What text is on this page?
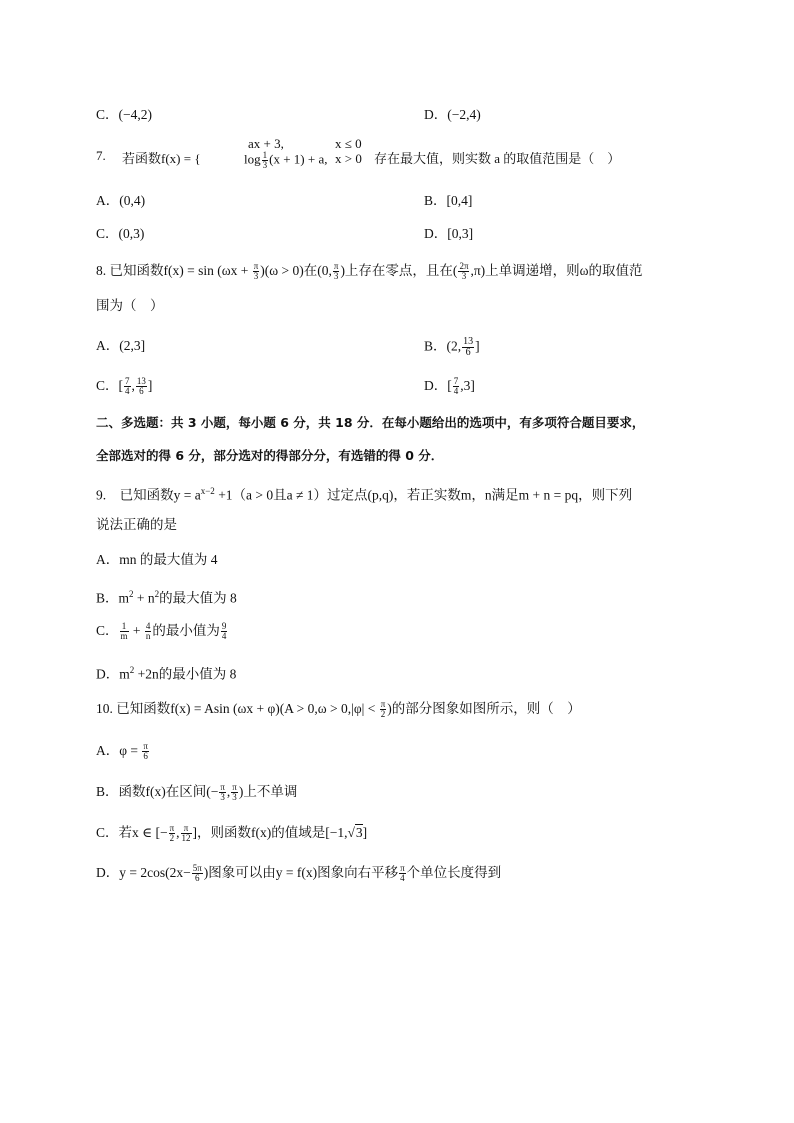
C．(−4,2)	D．(−2,4)
7. 若函数f(x) = {
ax + 3,	x ≤ 0
$\log \frac{1}{3} (x + 1) + a$, x > 0 存在最大值，则实数 a 的取值范围是（　）
A．(0,4)	B．[0,4]
C．(0,3)	D．[0,3]
8. 已知函数$f(x) = \sin (\omega x + \frac{\pi}{3} )(\omega > 0)$在(0, $\frac{\pi}{3}$ )上存在零点，且在( $\frac{2\pi}{3} ,\pi$)上单调递增，则ω的取值范
围为（　）
A．(2,3]	B．(2, $\frac{13}{6}$ ]
C．[ $\frac{7}{4}$ , $\frac{13}{6}$ ]	D．[ $\frac{7}{4} ,3$]
二、多选题：共 3 小题，每小题 6 分，共 18 分．在每小题给出的选项中，有多项符合题目要求，
全部选对的得 6 分，部分选对的得部分分，有选错的得 0 分．
9.　已知函数$y = a^{x-2} +1(a > 0$且a ≠ 1）过定点(p,q)，若正实数m，n满足m + n = pq，则下列
说法正确的是
A．mn 的最大值为 4
B．$m^2 + n^2$的最大值为 8
C． $\frac{1}{m} + \frac{4}{n}$ 的最小值为 $\frac{9}{4}$
D．$m^2 +2n$的最小值为 8
10. 已知函数f(x) = Asin $(\omega x + \varphi)(A > 0,\omega > 0,|\varphi| < \frac{\pi}{2}$ )的部分图象如图所示，则（　）
A．$\varphi = \frac{\pi}{6}$
B．函数f(x)在区间(− $\frac{\pi}{3}$ , $\frac{\pi}{3}$ )上不单调
C．若x ∈ [− $\frac{\pi}{2}$ , $\frac{\pi}{12}$ ]，则函数f(x)的值域是[−1,√3]
D．$y = 2\cos(2x- \frac{5\pi}{6}$ )图象可以由y = f(x)图象向右平移 $\frac{\pi}{4}$ 个单位长度得到
